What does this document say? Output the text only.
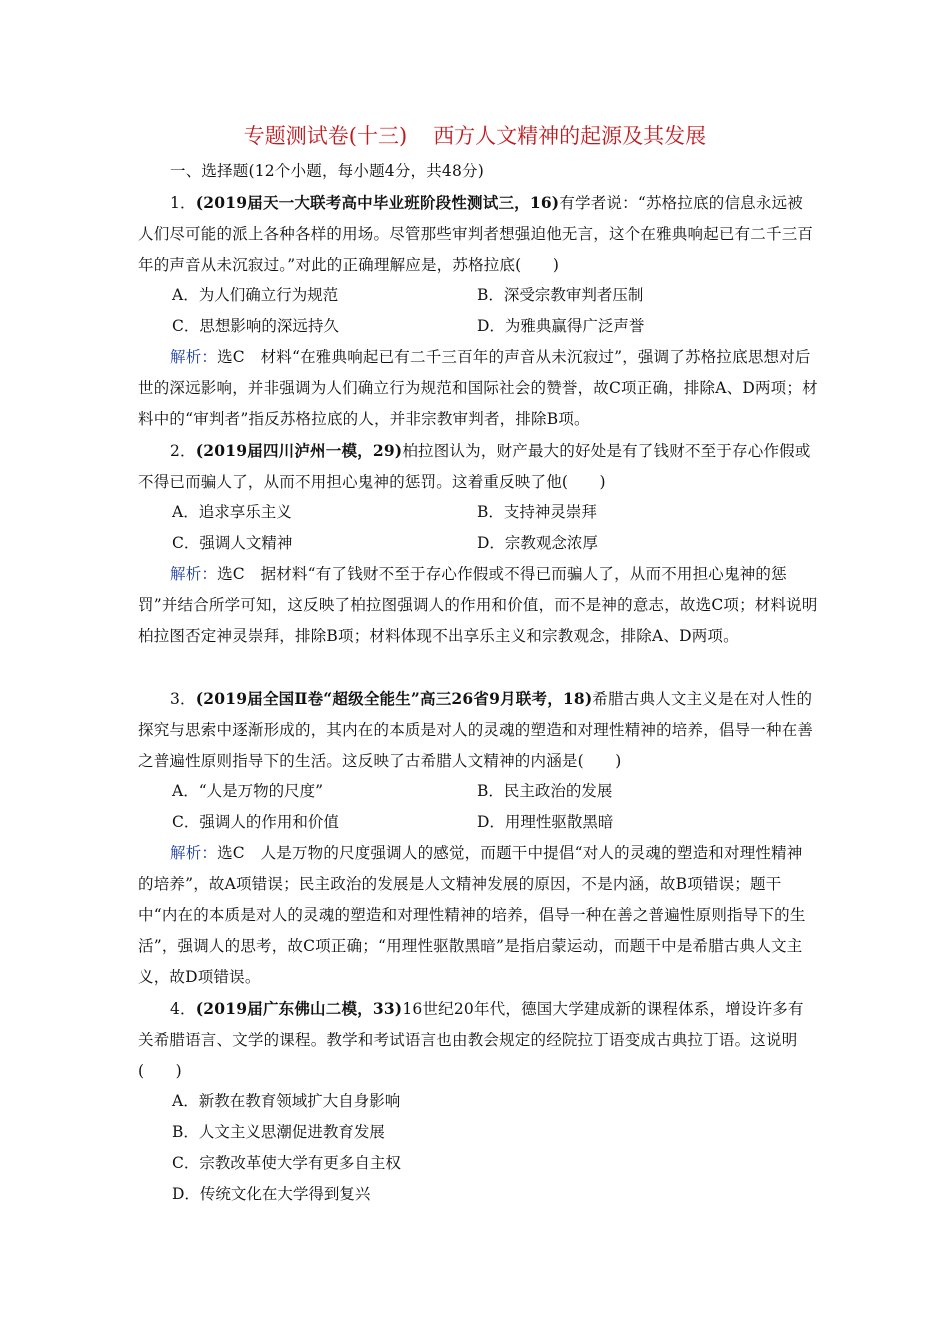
专题测试卷(十三) 西方人文精神的起源及其发展
一、选择题(12个小题，每小题4分，共48分)
1．(2019届天一大联考高中毕业班阶段性测试三，16)有学者说：“苏格拉底的信息永远被人们尽可能的派上各种各样的用场。尽管那些审判者想强迫他无言，这个在雅典响起已有二千三百年的声音从未沉寂过。”对此的正确理解应是，苏格拉底(　　)
A．为人们确立行为规范	B．深受宗教审判者压制
C．思想影响的深远持久	D．为雅典赢得广泛声誉
解析：选C　材料“在雅典响起已有二千三百年的声音从未沉寂过”，强调了苏格拉底思想对后世的深远影响，并非强调为人们确立行为规范和国际社会的赞誉，故C项正确，排除A、D两项；材料中的“审判者”指反苏格拉底的人，并非宗教审判者，排除B项。
2．(2019届四川泸州一模，29)柏拉图认为，财产最大的好处是有了钱财不至于存心作假或不得已而骗人了，从而不用担心鬼神的惩罚。这着重反映了他(　　)
A．追求享乐主义	B．支持神灵崇拜
C．强调人文精神	D．宗教观念浓厚
解析：选C　据材料“有了钱财不至于存心作假或不得已而骗人了，从而不用担心鬼神的惩罚”并结合所学可知，这反映了柏拉图强调人的作用和价值，而不是神的意志，故选C项；材料说明柏拉图否定神灵崇拜，排除B项；材料体现不出享乐主义和宗教观念，排除A、D两项。
3．(2019届全国Ⅱ卷“超级全能生”高三26省9月联考，18)希腊古典人文主义是在对人性的探究与思索中逐渐形成的，其内在的本质是对人的灵魂的塑造和对理性精神的培养，倡导一种在善之普遍性原则指导下的生活。这反映了古希腊人文精神的内涵是(　　)
A．“人是万物的尺度”	B．民主政治的发展
C．强调人的作用和价值	D．用理性驱散黑暗
解析：选C　人是万物的尺度强调人的感觉，而题干中提倡“对人的灵魂的塑造和对理性精神的培养”，故A项错误；民主政治的发展是人文精神发展的原因，不是内涵，故B项错误；题干中“内在的本质是对人的灵魂的塑造和对理性精神的培养，倡导一种在善之普遍性原则指导下的生活”，强调人的思考，故C项正确；“用理性驱散黑暗”是指启蒙运动，而题干中是希腊古典人文主义，故D项错误。
4．(2019届广东佛山二模，33)16世纪20年代，德国大学建成新的课程体系，增设许多有关希腊语言、文学的课程。教学和考试语言也由教会规定的经院拉丁语变成古典拉丁语。这说明(　　)
A．新教在教育领域扩大自身影响
B．人文主义思潮促进教育发展
C．宗教改革使大学有更多自主权
D．传统文化在大学得到复兴
